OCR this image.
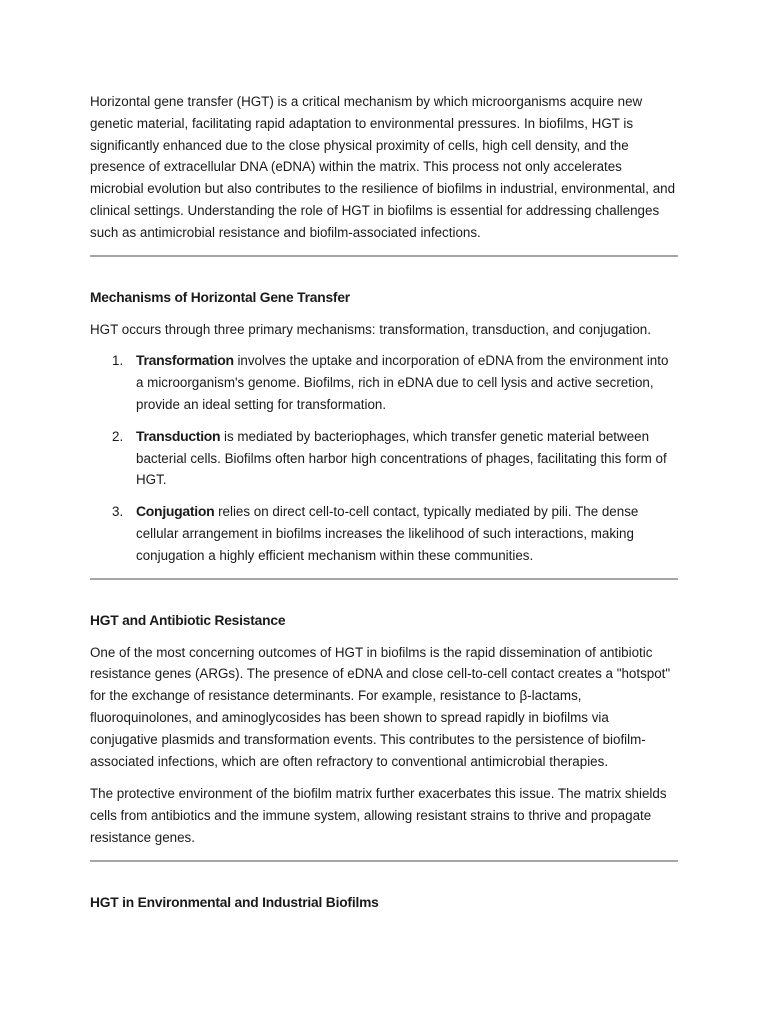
Horizontal gene transfer (HGT) is a critical mechanism by which microorganisms acquire new genetic material, facilitating rapid adaptation to environmental pressures. In biofilms, HGT is significantly enhanced due to the close physical proximity of cells, high cell density, and the presence of extracellular DNA (eDNA) within the matrix. This process not only accelerates microbial evolution but also contributes to the resilience of biofilms in industrial, environmental, and clinical settings. Understanding the role of HGT in biofilms is essential for addressing challenges such as antimicrobial resistance and biofilm-associated infections.

Mechanisms of Horizontal Gene Transfer

HGT occurs through three primary mechanisms: transformation, transduction, and conjugation.

1. Transformation involves the uptake and incorporation of eDNA from the environment into a microorganism's genome. Biofilms, rich in eDNA due to cell lysis and active secretion, provide an ideal setting for transformation.
2. Transduction is mediated by bacteriophages, which transfer genetic material between bacterial cells. Biofilms often harbor high concentrations of phages, facilitating this form of HGT.
3. Conjugation relies on direct cell-to-cell contact, typically mediated by pili. The dense cellular arrangement in biofilms increases the likelihood of such interactions, making conjugation a highly efficient mechanism within these communities.
HGT and Antibiotic Resistance

One of the most concerning outcomes of HGT in biofilms is the rapid dissemination of antibiotic resistance genes (ARGs). The presence of eDNA and close cell-to-cell contact creates a "hotspot" for the exchange of resistance determinants. For example, resistance to β-lactams, fluoroquinolones, and aminoglycosides has been shown to spread rapidly in biofilms via conjugative plasmids and transformation events. This contributes to the persistence of biofilm-associated infections, which are often refractory to conventional antimicrobial therapies.

The protective environment of the biofilm matrix further exacerbates this issue. The matrix shields cells from antibiotics and the immune system, allowing resistant strains to thrive and propagate resistance genes.

HGT in Environmental and Industrial Biofilms
